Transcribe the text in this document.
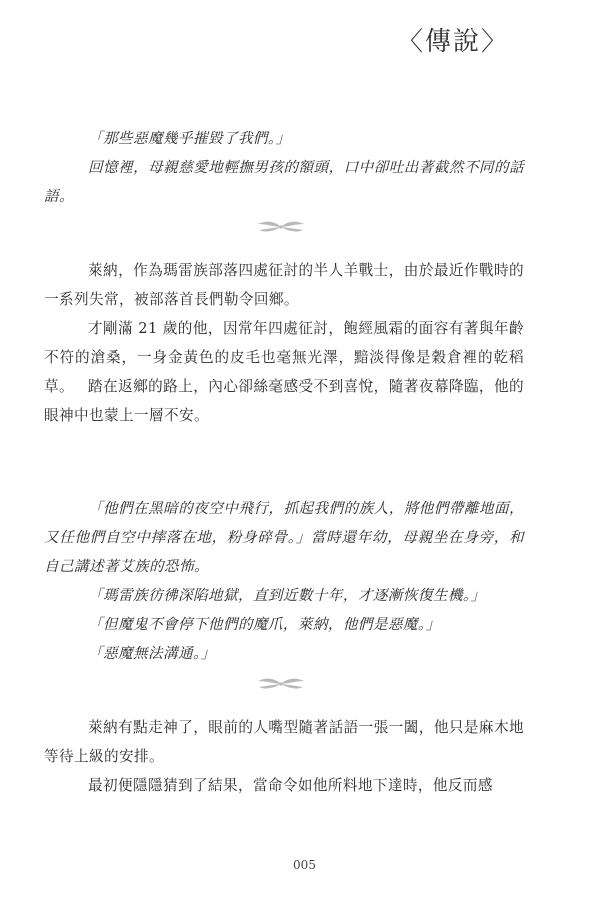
〈傳說〉

「那些惡魔幾乎摧毀了我們。」

回憶裡，母親慈愛地輕撫男孩的額頭，口中卻吐出著截然不同的話語。

萊納，作為瑪雷族部落四處征討的半人羊戰士，由於最近作戰時的一系列失常，被部落首長們勒令回鄉。

才剛滿 21 歲的他，因常年四處征討，飽經風霜的面容有著與年齡不符的滄桑，一身金黃色的皮毛也毫無光澤，黯淡得像是穀倉裡的乾稻草。 踏在返鄉的路上，內心卻絲毫感受不到喜悅，隨著夜幕降臨，他的眼神中也蒙上一層不安。

「他們在黑暗的夜空中飛行，抓起我們的族人，將他們帶離地面，又任他們自空中摔落在地，粉身碎骨。」當時還年幼，母親坐在身旁，和自己講述著艾族的恐怖。

「瑪雷族彷彿深陷地獄，直到近數十年，才逐漸恢復生機。」

「但魔鬼不會停下他們的魔爪，萊納，他們是惡魔。」

「惡魔無法溝通。」

萊納有點走神了，眼前的人嘴型隨著話語一張一闔，他只是麻木地等待上級的安排。

最初便隱隱猜到了結果，當命令如他所料地下達時，他反而感

005
